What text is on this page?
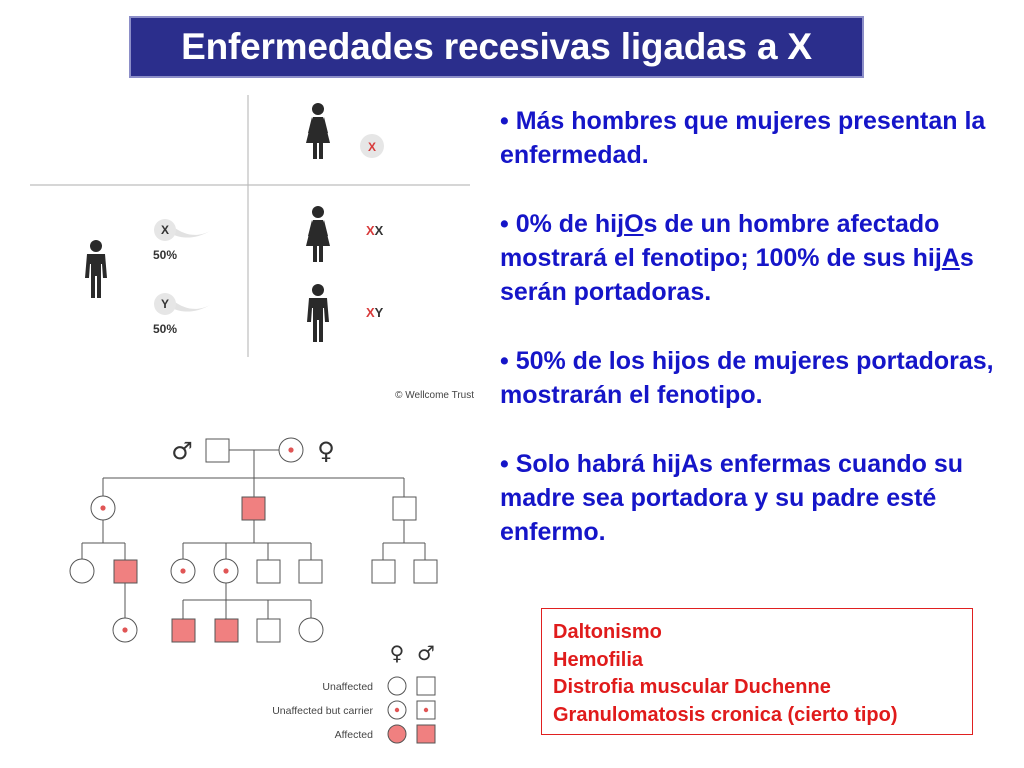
Enfermedades recesivas ligadas a X

• Más hombres que mujeres presentan la enfermedad.

• 0% de hijOs de un hombre afectado mostrará el fenotipo; 100% de sus hijAs serán portadoras.

• 50% de los hijos de mujeres portadoras, mostrarán el fenotipo.

• Solo habrá hijAs enfermas cuando su madre sea portadora y su padre esté enfermo.

Daltonismo
Hemofilia
Distrofia muscular Duchenne
Granulomatosis cronica (cierto tipo)
X
X
50%
Y
50%
XX
XY
© Wellcome Trust
♂	♀
♀ ♂
Unaffected
Unaffected but carrier
Affected
